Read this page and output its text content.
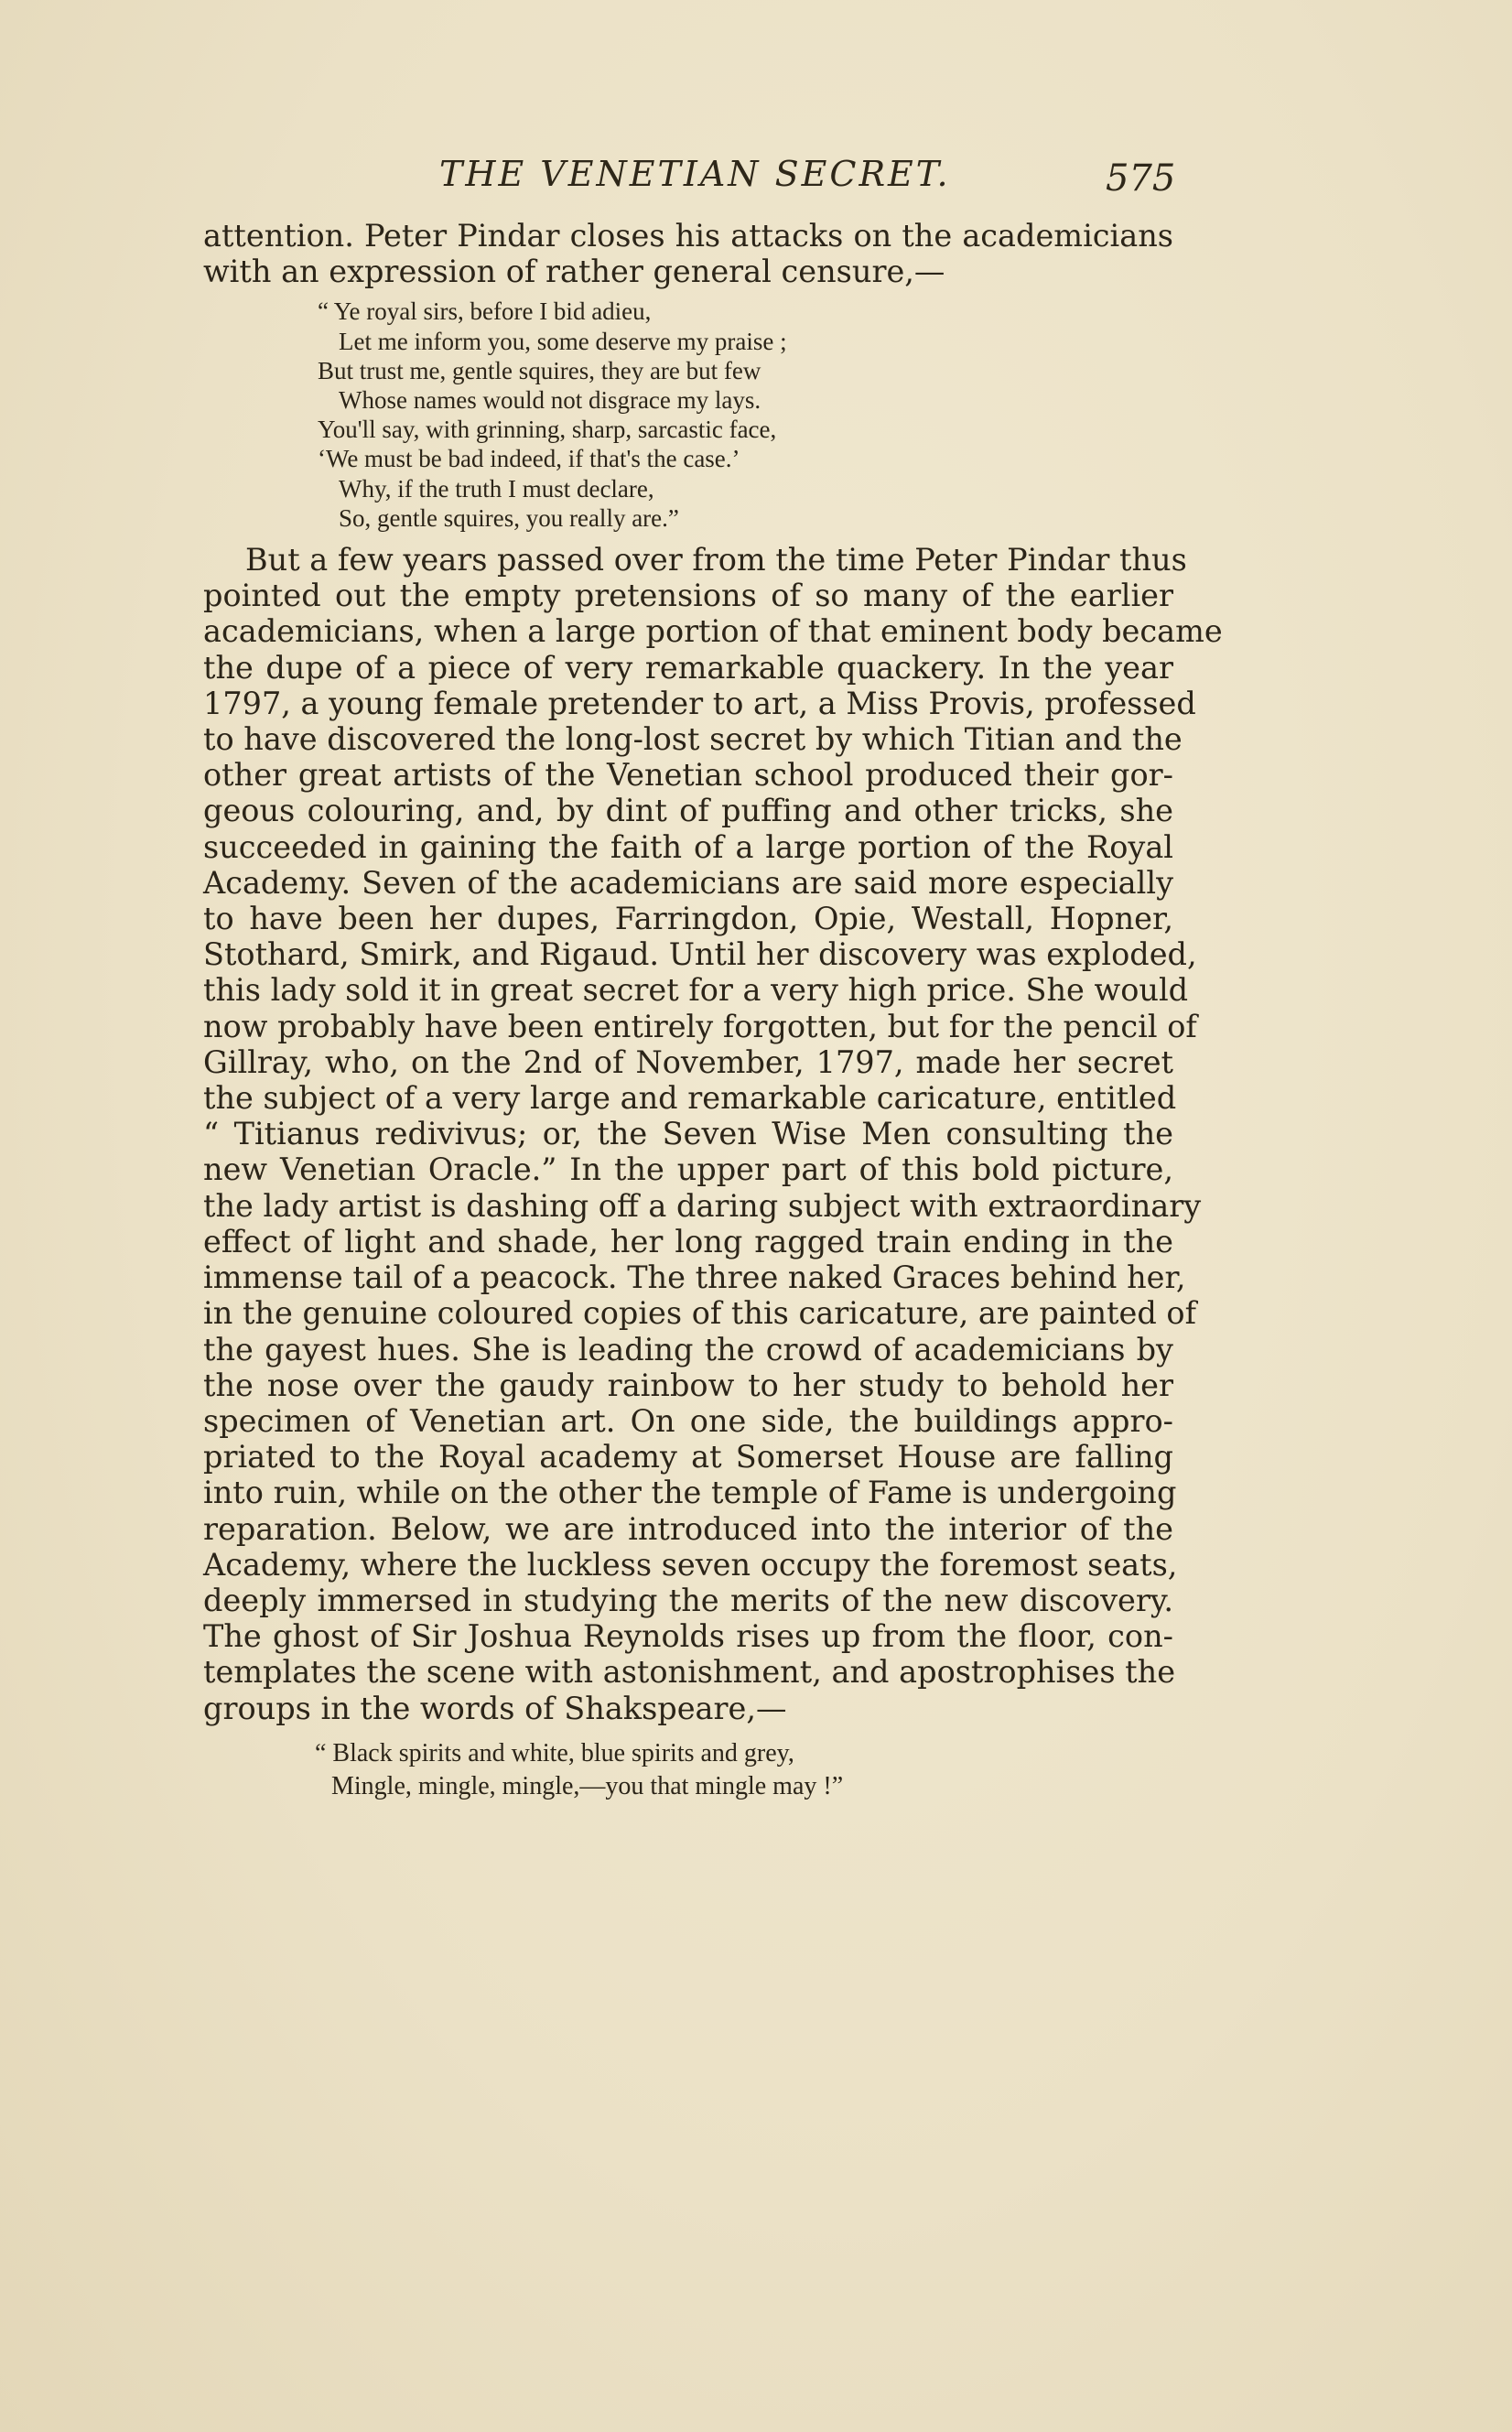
THE VENETIAN SECRET.	575
attention. Peter Pindar closes his attacks on the academicians
with an expression of rather general censure,—
“ Ye royal sirs, before I bid adieu,
Let me inform you, some deserve my praise ;
But trust me, gentle squires, they are but few
Whose names would not disgrace my lays.
You'll say, with grinning, sharp, sarcastic face,
‘We must be bad indeed, if that's the case.’
Why, if the truth I must declare,
So, gentle squires, you really are.”
But a few years passed over from the time Peter Pindar thus
pointed out the empty pretensions of so many of the earlier
academicians, when a large portion of that eminent body became
the dupe of a piece of very remarkable quackery. In the year
1797, a young female pretender to art, a Miss Provis, professed
to have discovered the long-lost secret by which Titian and the
other great artists of the Venetian school produced their gor-
geous colouring, and, by dint of puffing and other tricks, she
succeeded in gaining the faith of a large portion of the Royal
Academy. Seven of the academicians are said more especially
to have been her dupes, Farringdon, Opie, Westall, Hopner,
Stothard, Smirk, and Rigaud. Until her discovery was exploded,
this lady sold it in great secret for a very high price. She would
now probably have been entirely forgotten, but for the pencil of
Gillray, who, on the 2nd of November, 1797, made her secret
the subject of a very large and remarkable caricature, entitled
“ Titianus redivivus; or, the Seven Wise Men consulting the
new Venetian Oracle.” In the upper part of this bold picture,
the lady artist is dashing off a daring subject with extraordinary
effect of light and shade, her long ragged train ending in the
immense tail of a peacock. The three naked Graces behind her,
in the genuine coloured copies of this caricature, are painted of
the gayest hues. She is leading the crowd of academicians by
the nose over the gaudy rainbow to her study to behold her
specimen of Venetian art. On one side, the buildings appro-
priated to the Royal academy at Somerset House are falling
into ruin, while on the other the temple of Fame is undergoing
reparation. Below, we are introduced into the interior of the
Academy, where the luckless seven occupy the foremost seats,
deeply immersed in studying the merits of the new discovery.
The ghost of Sir Joshua Reynolds rises up from the floor, con-
templates the scene with astonishment, and apostrophises the
groups in the words of Shakspeare,—
“ Black spirits and white, blue spirits and grey,
Mingle, mingle, mingle,—you that mingle may !”
